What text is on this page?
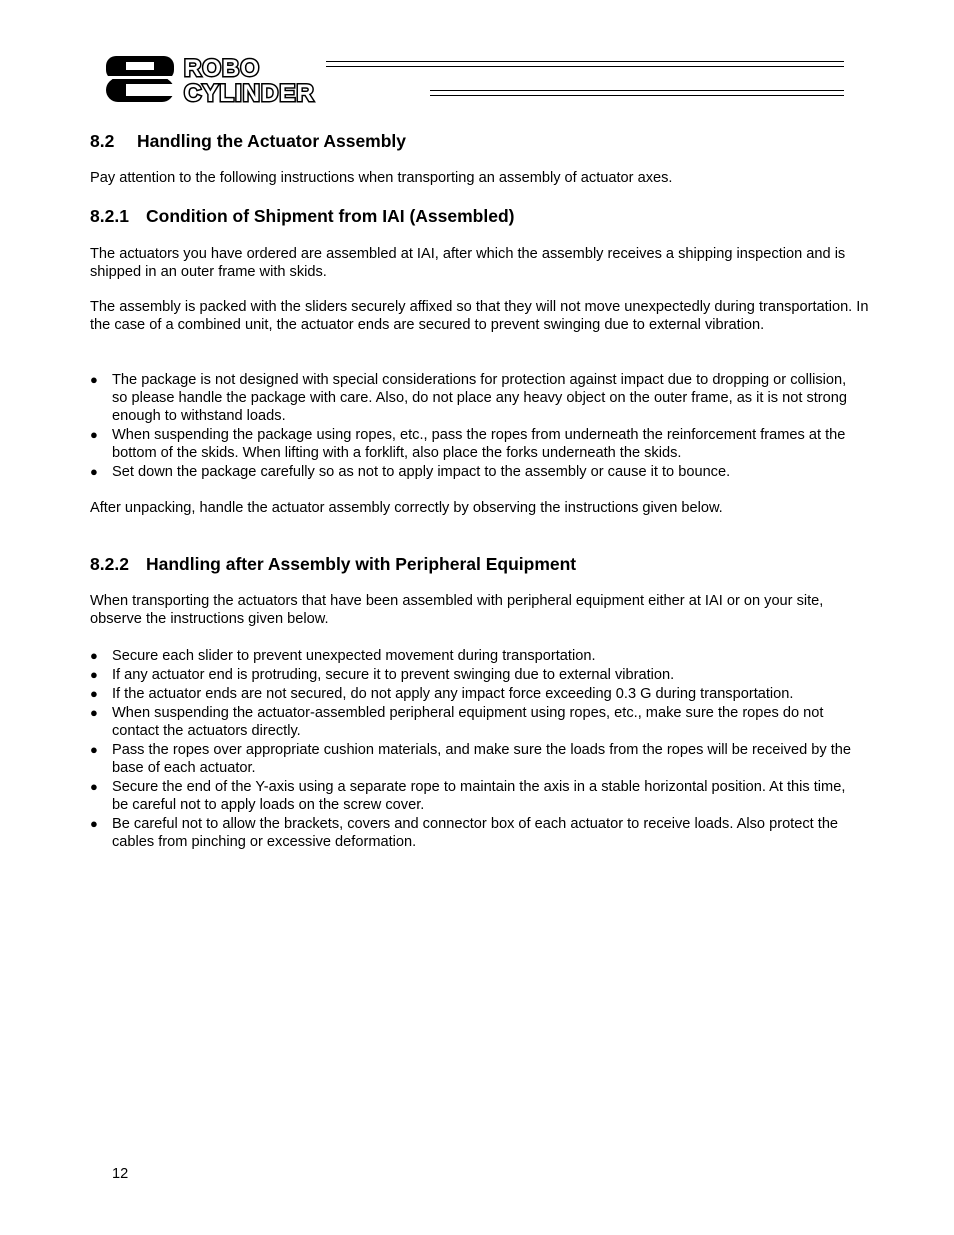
ROBO
CYLINDER
8.2 Handling the Actuator Assembly

Pay attention to the following instructions when transporting an assembly of actuator axes.

8.2.1 Condition of Shipment from IAI (Assembled)

The actuators you have ordered are assembled at IAI, after which the assembly receives a shipping inspection and is shipped in an outer frame with skids.

The assembly is packed with the sliders securely affixed so that they will not move unexpectedly during transportation. In the case of a combined unit, the actuator ends are secured to prevent swinging due to external vibration.

● The package is not designed with special considerations for protection against impact due to dropping or collision, so please handle the package with care. Also, do not place any heavy object on the outer frame, as it is not strong enough to withstand loads.
● When suspending the package using ropes, etc., pass the ropes from underneath the reinforcement frames at the bottom of the skids. When lifting with a forklift, also place the forks underneath the skids.
● Set down the package carefully so as not to apply impact to the assembly or cause it to bounce.

After unpacking, handle the actuator assembly correctly by observing the instructions given below.

8.2.2 Handling after Assembly with Peripheral Equipment

When transporting the actuators that have been assembled with peripheral equipment either at IAI or on your site, observe the instructions given below.

● Secure each slider to prevent unexpected movement during transportation.
● If any actuator end is protruding, secure it to prevent swinging due to external vibration.
● If the actuator ends are not secured, do not apply any impact force exceeding 0.3 G during transportation.
● When suspending the actuator-assembled peripheral equipment using ropes, etc., make sure the ropes do not contact the actuators directly.
● Pass the ropes over appropriate cushion materials, and make sure the loads from the ropes will be received by the base of each actuator.
● Secure the end of the Y-axis using a separate rope to maintain the axis in a stable horizontal position. At this time, be careful not to apply loads on the screw cover.
● Be careful not to allow the brackets, covers and connector box of each actuator to receive loads. Also protect the cables from pinching or excessive deformation.
12
